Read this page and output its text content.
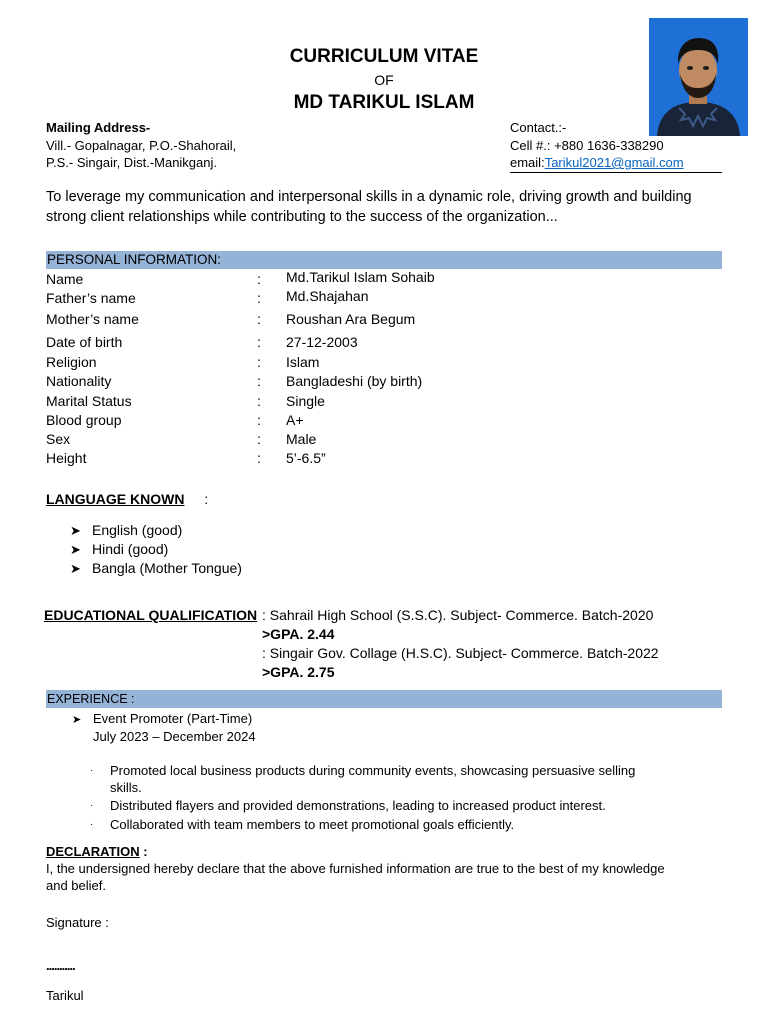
CURRICULUM VITAE
OF
MD TARIKUL ISLAM
Mailing Address-
Vill.- Gopalnagar, P.O.-Shahorail,
P.S.- Singair, Dist.-Manikganj.
Contact.:-
Cell #.: +880 1636-338290
email:Tarikul2021@gmail.com
To leverage my communication and interpersonal skills in a dynamic role, driving growth and building strong client relationships while contributing to the success of the organization...
PERSONAL INFORMATION:
Name	: Md.Tarikul Islam Sohaib
Father’s name	: Md.Shajahan
Mother’s name	: Roushan Ara Begum
Date of birth	: 27-12-2003
Religion	: Islam
Nationality	: Bangladeshi (by birth)
Marital Status	: Single
Blood group	: A+
Sex	: Male
Height	: 5’-6.5”
LANGUAGE KNOWN :
➤ English (good)
➤ Hindi (good)
➤ Bangla (Mother Tongue)
EDUCATIONAL QUALIFICATION : Sahrail High School (S.S.C). Subject- Commerce. Batch-2020
>GPA. 2.44
: Singair Gov. Collage (H.S.C). Subject- Commerce. Batch-2022
>GPA. 2.75
EXPERIENCE :
➤ Event Promoter (Part-Time)
July 2023 – December 2024
· Promoted local business products during community events, showcasing persuasive selling skills.
· Distributed flayers and provided demonstrations, leading to increased product interest.
· Collaborated with team members to meet promotional goals efficiently.
DECLARATION :
I, the undersigned hereby declare that the above furnished information are true to the best of my knowledge and belief.
Signature :
...........
Tarikul
